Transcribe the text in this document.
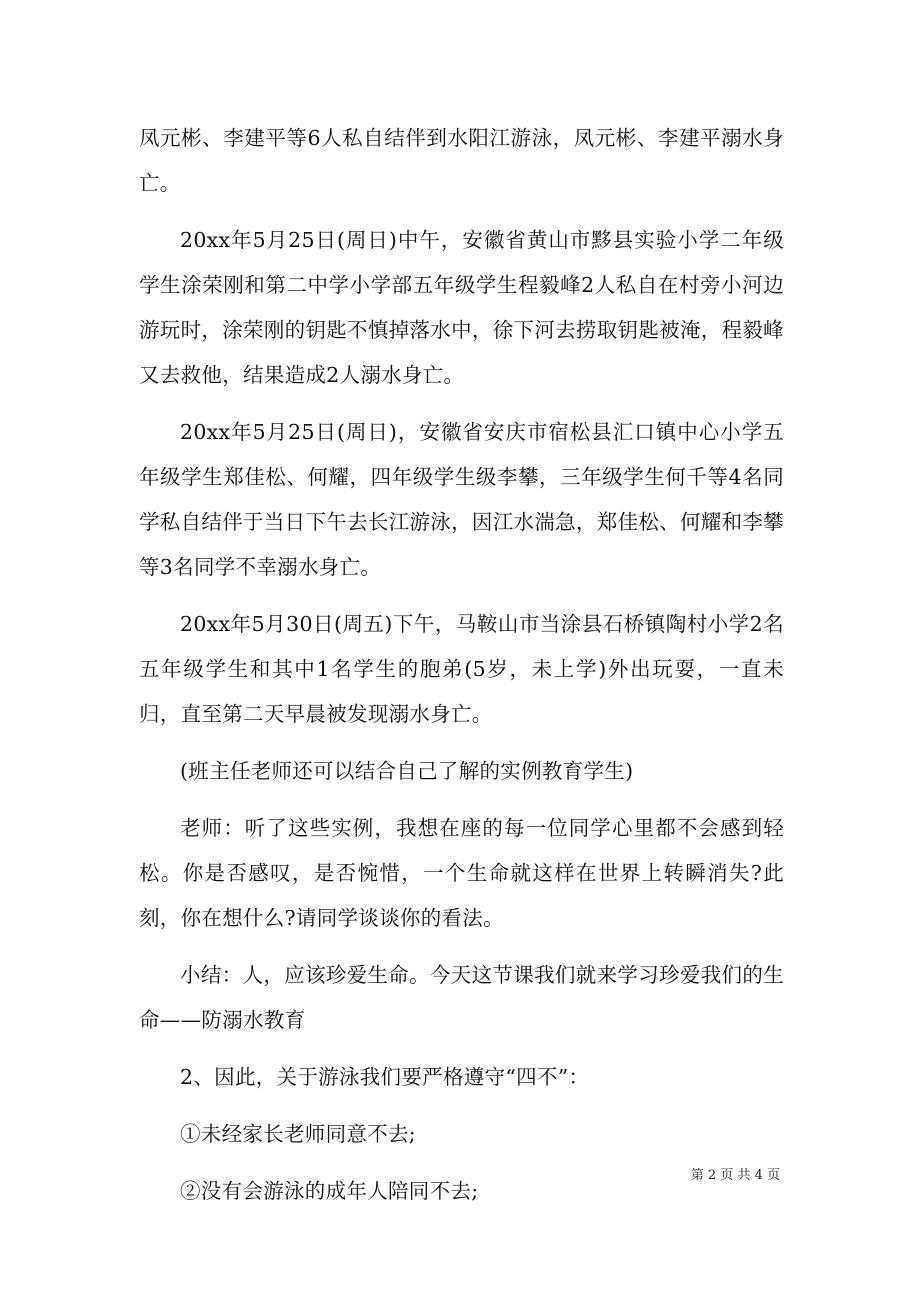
凤元彬、李建平等6人私自结伴到水阳江游泳，凤元彬、李建平溺水身亡。

20xx年5月25日(周日)中午，安徽省黄山市黟县实验小学二年级学生涂荣刚和第二中学小学部五年级学生程毅峰2人私自在村旁小河边游玩时，涂荣刚的钥匙不慎掉落水中，徐下河去捞取钥匙被淹，程毅峰又去救他，结果造成2人溺水身亡。

20xx年5月25日(周日)，安徽省安庆市宿松县汇口镇中心小学五年级学生郑佳松、何耀，四年级学生级李攀，三年级学生何千等4名同学私自结伴于当日下午去长江游泳，因江水湍急，郑佳松、何耀和李攀等3名同学不幸溺水身亡。

20xx年5月30日(周五)下午，马鞍山市当涂县石桥镇陶村小学2名五年级学生和其中1名学生的胞弟(5岁，未上学)外出玩耍，一直未归，直至第二天早晨被发现溺水身亡。

(班主任老师还可以结合自己了解的实例教育学生)

老师：听了这些实例，我想在座的每一位同学心里都不会感到轻松。你是否感叹，是否惋惜，一个生命就这样在世界上转瞬消失?此刻，你在想什么?请同学谈谈你的看法。

小结：人，应该珍爱生命。今天这节课我们就来学习珍爱我们的生命——防溺水教育

2、因此，关于游泳我们要严格遵守“四不”：

①未经家长老师同意不去;

②没有会游泳的成年人陪同不去;

第 2 页 共 4 页
